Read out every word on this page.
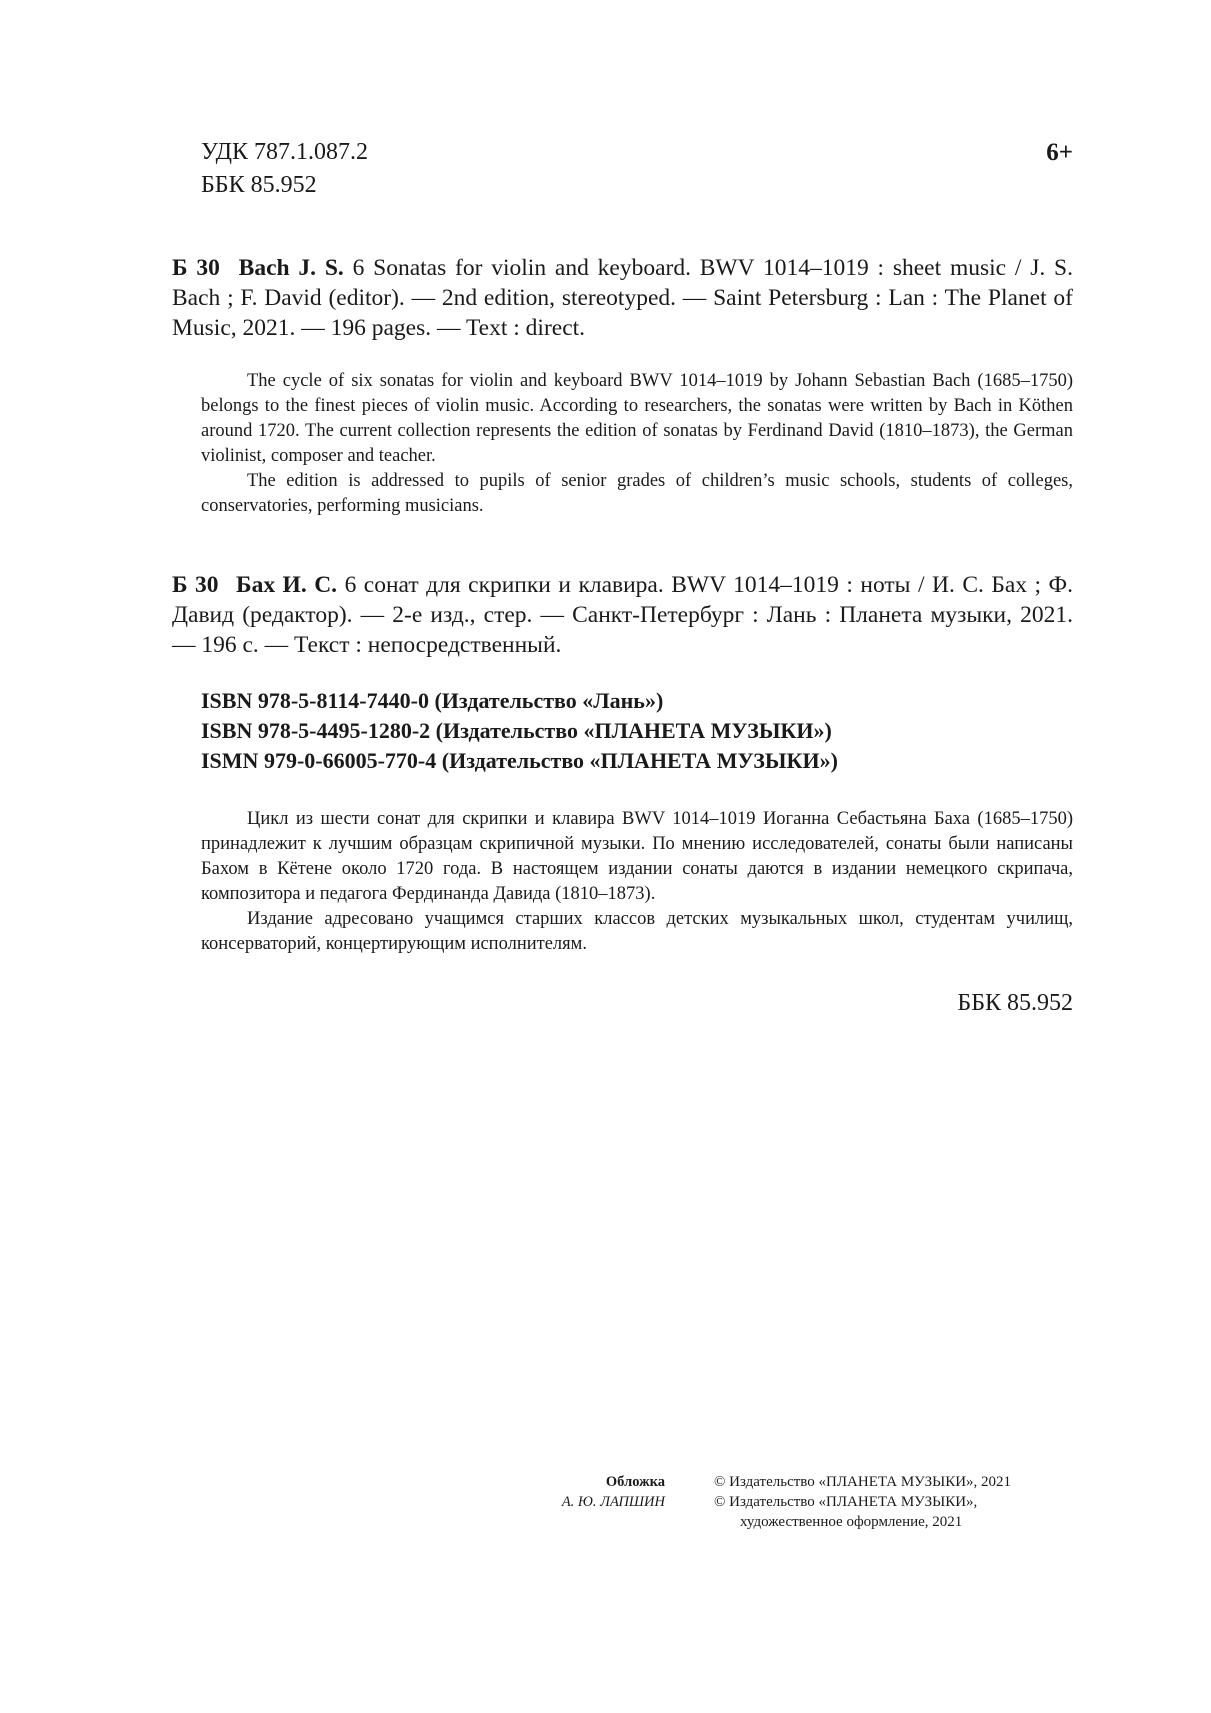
УДК 787.1.087.2
ББК 85.952
6+
Б 30 Bach J. S. 6 Sonatas for violin and keyboard. BWV 1014–1019 : sheet music / J. S. Bach ; F. David (editor). — 2nd edition, stereotyped. — Saint Petersburg : Lan : The Planet of Music, 2021. — 196 pages. — Text : direct.

The cycle of six sonatas for violin and keyboard BWV 1014–1019 by Johann Sebastian Bach (1685–1750) belongs to the finest pieces of violin music. According to researchers, the sonatas were written by Bach in Köthen around 1720. The current collection represents the edition of sonatas by Ferdinand David (1810–1873), the German violinist, composer and teacher.

The edition is addressed to pupils of senior grades of children’s music schools, students of colleges, conservatories, performing musicians.

Б 30 Бах И. С. 6 сонат для скрипки и клавира. BWV 1014–1019 : ноты / И. С. Бах ; Ф. Давид (редактор). — 2-е изд., стер. — Санкт-Петербург : Лань : Планета музыки, 2021. — 196 с. — Текст : непосредственный.
ISBN 978-5-8114-7440-0 (Издательство «Лань»)
ISBN 978-5-4495-1280-2 (Издательство «ПЛАНЕТА МУЗЫКИ»)
ISMN 979-0-66005-770-4 (Издательство «ПЛАНЕТА МУЗЫКИ»)

Цикл из шести сонат для скрипки и клавира BWV 1014–1019 Иоганна Себастьяна Баха (1685–1750) принадлежит к лучшим образцам скрипичной музыки. По мнению исследователей, сонаты были написаны Бахом в Кётене около 1720 года. В настоящем издании сонаты даются в издании немецкого скрипача, композитора и педагога Фердинанда Давида (1810–1873).

Издание адресовано учащимся старших классов детских музыкальных школ, студентам училищ, консерваторий, концертирующим исполнителям.

ББК 85.952
Обложка
А. Ю. ЛАПШИН
© Издательство «ПЛАНЕТА МУЗЫКИ», 2021
© Издательство «ПЛАНЕТА МУЗЫКИ»,
художественное оформление, 2021
